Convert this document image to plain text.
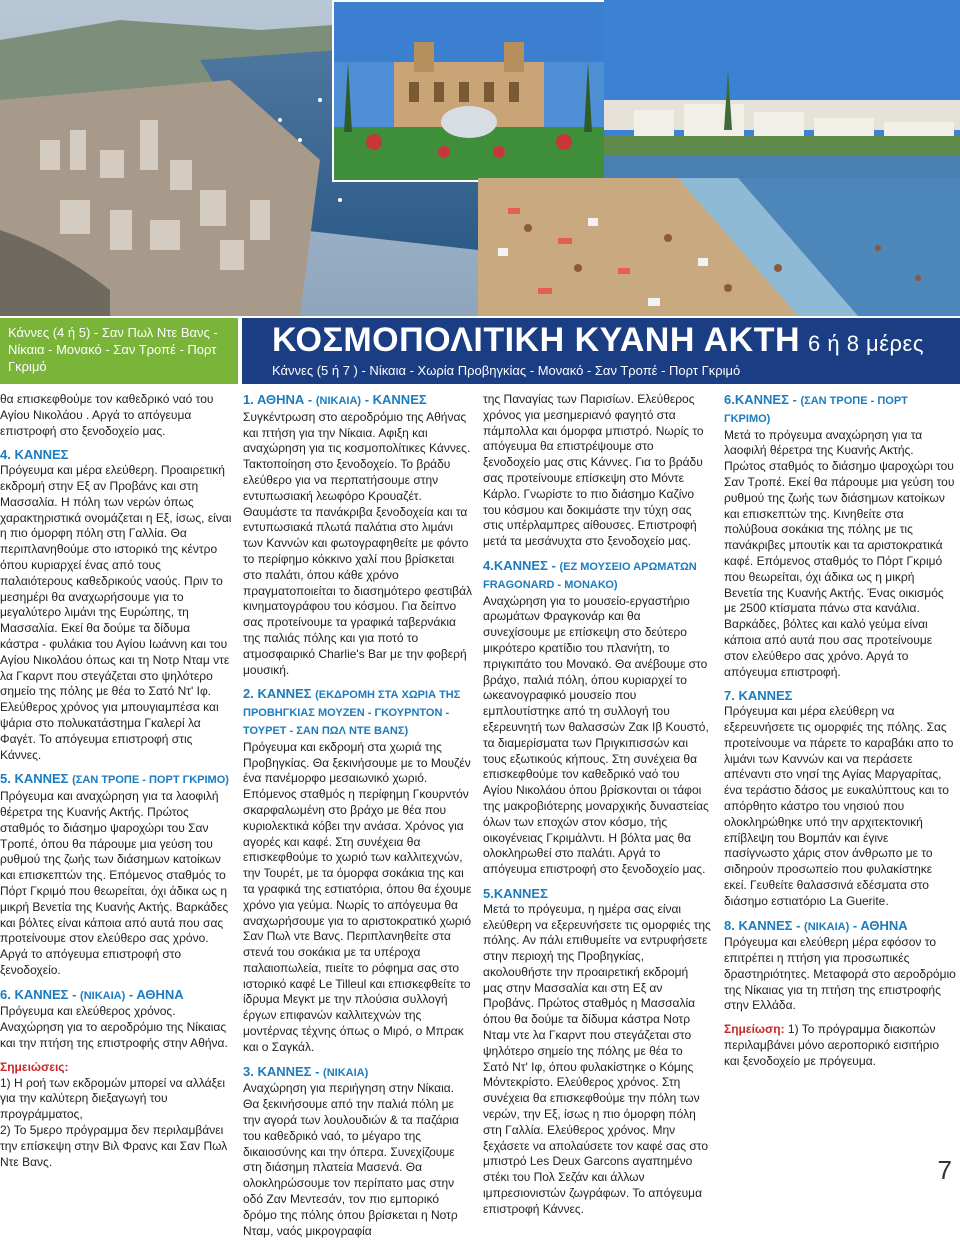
Κάννες (4 ή 5) - Σαν Πωλ Ντε Βανς - Νίκαια - Μονακό - Σαν Τροπέ - Πορτ Γκριμό
ΚΟΣΜΟΠΟΛΙΤΙΚΗ ΚΥΑΝΗ ΑΚΤΗ 6 ή 8 μέρες
Κάννες (5 ή 7 ) - Νίκαια - Χωρία Προβηγκίας - Μονακό - Σαν Τροπέ - Πορτ Γκριμό

θα επισκεφθούμε τον καθεδρικό ναό του Αγίου Νικολάου . Αργά το απόγευμα επιστροφή στο ξενοδοχείο μας.

4. ΚΑΝΝΕΣ

Πρόγευμα και μέρα ελεύθερη. Προαιρετική εκδρομή στην Εξ αν Προβάνς και στη Μασσαλία. Η πόλη των νερών όπως χαρακτηριστικά ονομάζεται η Εξ, ίσως, είναι η πιο όμορφη πόλη στη Γαλλία. Θα περιπλανηθούμε στο ιστορικό της κέντρο όπου κυριαρχεί ένας από τους παλαιότερους καθεδρικούς ναούς. Πριν το μεσημέρι θα αναχωρήσουμε για το μεγαλύτερο λιμάνι της Ευρώπης, τη Μασσαλία. Εκεί θα δούμε τα δίδυμα κάστρα - φυλάκια του Αγίου Ιωάννη και του Αγίου Νικολάου όπως και τη Νοτρ Νταμ ντε λα Γκαρντ που στεγάζεται στο ψηλότερο σημείο της πόλης με θέα το Σατό Ντ' Ιφ. Ελεύθερος χρόνος για μπουγιαμπέσα και ψάρια στο πολυκατάστημα Γκαλερί λα Φαγέτ. Το απόγευμα επιστροφή στις Κάννες.

5. ΚΑΝΝΕΣ (ΣΑΝ ΤΡΟΠΕ - ΠΟΡΤ ΓΚΡΙΜΟ)

Πρόγευμα και αναχώρηση για τα λαοφιλή θέρετρα της Κυανής Ακτής. Πρώτος σταθμός το διάσημο ψαροχώρι του Σαν Τροπέ, όπου θα πάρουμε μια γεύση του ρυθμού της ζωής των διάσημων κατοίκων και επισκεπτών της. Επόμενος σταθμός το Πόρτ Γκριμό που θεωρείται, όχι άδικα ως η μικρή Βενετία της Κυανής Ακτής. Βαρκάδες και βόλτες είναι κάποια από αυτά που σας προτείνουμε στον ελεύθερο σας χρόνο. Αργά το απόγευμα επιστροφή στο ξενοδοχείο.

6. ΚΑΝΝΕΣ - (ΝΙΚΑΙΑ) - ΑΘΗΝΑ

Πρόγευμα και ελεύθερος χρόνος. Αναχώρηση για το αεροδρόμιο της Νίκαιας και την πτήση της επιστροφής στην Αθήνα.

Σημειώσεις:
1) Η ροή των εκδρομών μπορεί να αλλάξει για την καλύτερη διεξαγωγή του προγράμματος,
2) Το 5μερο πρόγραμμα δεν περιλαμβάνει την επίσκεψη στην Βιλ Φρανς και Σαν Πωλ Ντε Βανς.
1. ΑΘΗΝΑ - (ΝΙΚΑΙΑ) - ΚΑΝΝΕΣ

Συγκέντρωση στο αεροδρόμιο της Αθήνας και πτήση για την Νίκαια. Αφιξη και αναχώρηση για τις κοσμοπολίτικες Κάννες. Τακτοποίηση στο ξενοδοχείο. Το βράδυ ελεύθερο για να περπατήσουμε στην εντυπωσιακή λεωφόρο Κρουαζέτ. Θαυμάστε τα πανάκριβα ξενοδοχεία και τα εντυπωσιακά πλωτά παλάτια στο λιμάνι των Καννών και φωτογραφηθείτε με φόντο το περίφημο κόκκινο χαλί που βρίσκεται στο παλάτι, όπου κάθε χρόνο πραγματοποιείται το διασημότερο φεστιβάλ κινηματογράφου του κόσμου. Για δείπνο σας προτείνουμε τα γραφικά ταβερνάκια της παλιάς πόλης και για ποτό το ατμοσφαιρικό Charlie's Bar με την φοβερή μουσική.

2. ΚΑΝΝΕΣ (ΕΚΔΡΟΜΗ ΣΤΑ ΧΩΡΙΑ ΤΗΣ ΠΡΟΒΗΓΚΙΑΣ ΜΟΥΖΕΝ - ΓΚΟΥΡΝΤΟΝ - ΤΟΥΡΕΤ - ΣΑΝ ΠΩΛ ΝΤΕ ΒΑΝΣ)

Πρόγευμα και εκδρομή στα χωριά της Προβηγκίας. Θα ξεκινήσουμε με το Μουζέν ένα πανέμορφο μεσαιωνικό χωριό. Επόμενος σταθμός η περίφημη Γκουρντόν σκαρφαλωμένη στο βράχο με θέα που κυριολεκτικά κόβει την ανάσα. Χρόνος για αγορές και καφέ. Στη συνέχεια θα επισκεφθούμε το χωριό των καλλιτεχνών, την Τουρέτ, με τα όμορφα σοκάκια της και τα γραφικά της εστιατόρια, όπου θα έχουμε χρόνο για γεύμα. Νωρίς το απόγευμα θα αναχωρήσουμε για το αριστοκρατικό χωριό Σαν Πωλ ντε Βανς. Περιπλανηθείτε στα στενά του σοκάκια με τα υπέροχα παλαιοπωλεία, πιείτε το ρόφημα σας στο ιστορικό καφέ Le Tilleul και επισκεφθείτε το ίδρυμα Μεγκτ με την πλούσια συλλογή έργων επιφανών καλλιτεχνών της μοντέρνας τέχνης όπως ο Μιρό, ο Μπρακ και ο Σαγκάλ.

3. ΚΑΝΝΕΣ - (ΝΙΚΑΙΑ)

Αναχώρηση για περιήγηση στην Νίκαια. Θα ξεκινήσουμε από την παλιά πόλη με την αγορά των λουλουδιών & τα παζάρια του καθεδρικό ναό, το μέγαρο της δικαιοσύνης και την όπερα. Συνεχίζουμε στη διάσημη πλατεία Μασενά. Θα ολοκληρώσουμε τον περίπατο μας στην οδό Ζαν Μεντεσάν, τον πιο εμπορικό δρόμο της πόλης όπου βρίσκεται η Νοτρ Νταμ, ναός μικρογραφία

της Παναγίας των Παρισίων. Ελεύθερος χρόνος για μεσημεριανό φαγητό στα πάμπολλα και όμορφα μπιστρό. Νωρίς το απόγευμα θα επιστρέψουμε στο ξενοδοχείο μας στις Κάννες. Για το βράδυ σας προτείνουμε επίσκεψη στο Μόντε Κάρλο. Γνωρίστε το πιο διάσημο Καζίνο του κόσμου και δοκιμάστε την τύχη σας στις υπέρλαμπρες αίθουσες. Επιστροφή μετά τα μεσάνυχτα στο ξενοδοχείο μας.

4.ΚΑΝΝΕΣ - (ΕΖ ΜΟΥΣΕΙΟ ΑΡΩΜΑΤΩΝ FRAGONARD - ΜΟΝΑΚΟ)

Αναχώρηση για το μουσείο-εργαστήριο αρωμάτων Φραγκονάρ και θα συνεχίσουμε με επίσκεψη στο δεύτερο μικρότερο κρατίδιο του πλανήτη, το πριγκιπάτο του Μονακό. Θα ανέβουμε στο βράχο, παλιά πόλη, όπου κυριαρχεί το ωκεανογραφικό μουσείο που εμπλουτίστηκε από τη συλλογή του εξερευνητή των θαλασσών Ζακ Ιβ Κουστό, τα διαμερίσματα των Πριγκιπισσών και τους εξωτικούς κήπους. Στη συνέχεια θα επισκεφθούμε τον καθεδρικό ναό του Αγίου Νικολάου όπου βρίσκονται οι τάφοι της μακροβιότερης μοναρχικής δυναστείας όλων των εποχών στον κόσμο, τής οικογένειας Γκριμάλντι. Η βόλτα μας θα ολοκληρωθεί στο παλάτι. Αργά το απόγευμα επιστροφή στο ξενοδοχείο μας.

5.ΚΑΝΝΕΣ

Μετά το πρόγευμα, η ημέρα σας είναι ελεύθερη να εξερευνήσετε τις ομορφιές της πόλης. Αν πάλι επιθυμείτε να εντρυφήσετε στην περιοχή της Προβηγκίας, ακολουθήστε την προαιρετική εκδρομή μας στην Μασσαλία και στη Εξ αν Προβάνς. Πρώτος σταθμός η Μασσαλία όπου θα δούμε τα δίδυμα κάστρα Νοτρ Νταμ ντε λα Γκαρντ που στεγάζεται στο ψηλότερο σημείο της πόλης με θέα το Σατό Ντ' Ιφ, όπου φυλακίστηκε ο Κόμης Μόντεκρίστο. Ελεύθερος χρόνος. Στη συνέχεια θα επισκεφθούμε την πόλη των νερών, την Εξ, ίσως η πιο όμορφη πόλη στη Γαλλία. Ελεύθερος χρόνος. Μην ξεχάσετε να απολαύσετε τον καφέ σας στο μπιστρό Les Deux Garcons αγαπημένο στέκι του Πολ Σεζάν και άλλων ιμπρεσιονιστών ζωγράφων. Το απόγευμα επιστροφή Κάννες.

6.ΚΑΝΝΕΣ - (ΣΑΝ ΤΡΟΠΕ - ΠΟΡΤ ΓΚΡΙΜΟ)

Μετά το πρόγευμα αναχώρηση για τα λαοφιλή θέρετρα της Κυανής Ακτής. Πρώτος σταθμός το διάσημο ψαροχώρι του Σαν Τροπέ. Εκεί θα πάρουμε μια γεύση του ρυθμού της ζωής των διάσημων κατοίκων και επισκεπτών της. Κινηθείτε στα πολύβουα σοκάκια της πόλης με τις πανάκριβες μπουτίκ και τα αριστοκρατικά καφέ. Επόμενος σταθμός το Πόρτ Γκριμό που θεωρείται, όχι άδικα ως η μικρή Βενετία της Κυανής Ακτής. Ένας οικισμός με 2500 κτίσματα πάνω στα κανάλια. Βαρκάδες, βόλτες και καλό γεύμα είναι κάποια από αυτά που σας προτείνουμε στον ελεύθερο σας χρόνο. Αργά το απόγευμα επιστροφή.

7. ΚΑΝΝΕΣ

Πρόγευμα και μέρα ελεύθερη να εξερευνήσετε τις ομορφιές της πόλης. Σας προτείνουμε να πάρετε το καραβάκι απο το λιμάνι των Καννών και να περάσετε απέναντι στο νησί της Αγίας Μαργαρίτας, ένα τεράστιο δάσος με ευκαλύπτους και το απόρθητο κάστρο του νησιού που ολοκληρώθηκε υπό την αρχιτεκτονική επίβλεψη του Βομπάν και έγινε πασίγνωστο χάρις στον άνθρωπο με το σιδηρούν προσωπείο που φυλακίστηκε εκεί. Γευθείτε θαλασσινά εδέσματα στο διάσημο εστιατόριο La Guerite.

8. ΚΑΝΝΕΣ - (ΝΙΚΑΙΑ) - ΑΘΗΝΑ

Πρόγευμα και ελεύθερη μέρα εφόσον το επιτρέπει η πτήση για προσωπικές δραστηριότητες. Μεταφορά στο αεροδρόμιο της Νίκαιας για τη πτήση της επιστροφής στην Ελλάδα.

Σημείωση: 1) Το πρόγραμμα διακοπών περιλαμβάνει μόνο αεροπορικό εισιτήριο και ξενοδοχείο με πρόγευμα.
7
